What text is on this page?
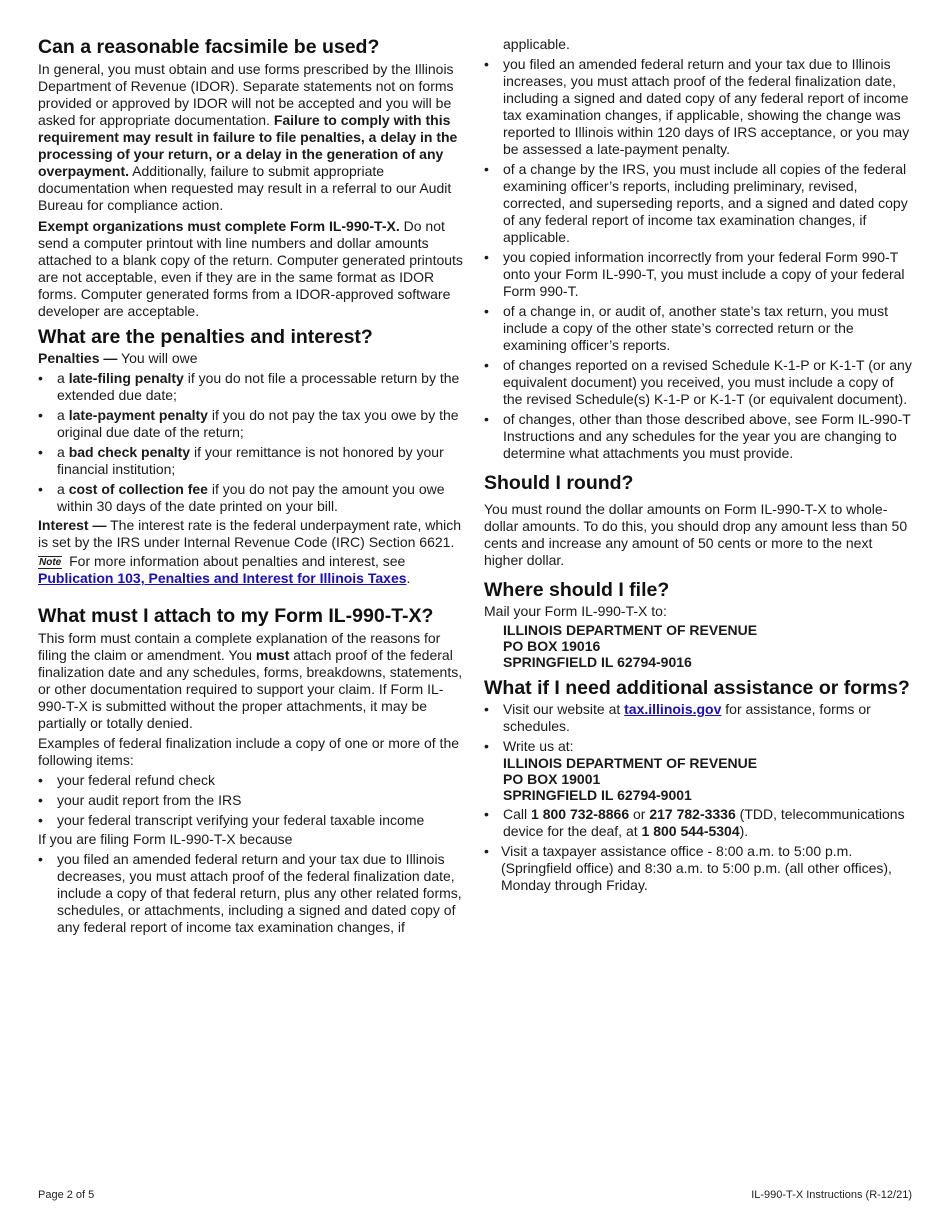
Can a reasonable facsimile be used?

In general, you must obtain and use forms prescribed by the Illinois Department of Revenue (IDOR). Separate statements not on forms provided or approved by IDOR will not be accepted and you will be asked for appropriate documentation. Failure to comply with this requirement may result in failure to file penalties, a delay in the processing of your return, or a delay in the generation of any overpayment. Additionally, failure to submit appropriate documentation when requested may result in a referral to our Audit Bureau for compliance action.

Exempt organizations must complete Form IL-990-T-X. Do not send a computer printout with line numbers and dollar amounts attached to a blank copy of the return. Computer generated printouts are not acceptable, even if they are in the same format as IDOR forms. Computer generated forms from a IDOR-approved software developer are acceptable.

What are the penalties and interest?

Penalties — You will owe

• a late-filing penalty if you do not file a processable return by the extended due date;
• a late-payment penalty if you do not pay the tax you owe by the original due date of the return;
• a bad check penalty if your remittance is not honored by your financial institution;
• a cost of collection fee if you do not pay the amount you owe within 30 days of the date printed on your bill.

Interest — The interest rate is the federal underpayment rate, which is set by the IRS under Internal Revenue Code (IRC) Section 6621.

Note For more information about penalties and interest, see Publication 103, Penalties and Interest for Illinois Taxes.

What must I attach to my Form IL-990-T-X?

This form must contain a complete explanation of the reasons for filing the claim or amendment. You must attach proof of the federal finalization date and any schedules, forms, breakdowns, statements, or other documentation required to support your claim. If Form IL-990-T-X is submitted without the proper attachments, it may be partially or totally denied.

Examples of federal finalization include a copy of one or more of the following items:

• your federal refund check
• your audit report from the IRS
• your federal transcript verifying your federal taxable income

If you are filing Form IL-990-T-X because

• you filed an amended federal return and your tax due to Illinois decreases, you must attach proof of the federal finalization date, include a copy of that federal return, plus any other related forms, schedules, or attachments, including a signed and dated copy of any federal report of income tax examination changes, if

applicable.

• you filed an amended federal return and your tax due to Illinois increases, you must attach proof of the federal finalization date, including a signed and dated copy of any federal report of income tax examination changes, if applicable, showing the change was reported to Illinois within 120 days of IRS acceptance, or you may be assessed a late-payment penalty.
• of a change by the IRS, you must include all copies of the federal examining officer’s reports, including preliminary, revised, corrected, and superseding reports, and a signed and dated copy of any federal report of income tax examination changes, if applicable.
• you copied information incorrectly from your federal Form 990-T onto your Form IL-990-T, you must include a copy of your federal Form 990-T.
• of a change in, or audit of, another state’s tax return, you must include a copy of the other state’s corrected return or the examining officer’s reports.
• of changes reported on a revised Schedule K-1-P or K-1-T (or any equivalent document) you received, you must include a copy of the revised Schedule(s) K-1-P or K-1-T (or equivalent document).
• of changes, other than those described above, see Form IL-990-T Instructions and any schedules for the year you are changing to determine what attachments you must provide.
Should I round?

You must round the dollar amounts on Form IL-990-T-X to whole-dollar amounts. To do this, you should drop any amount less than 50 cents and increase any amount of 50 cents or more to the next higher dollar.

Where should I file?

Mail your Form IL-990-T-X to:

ILLINOIS DEPARTMENT OF REVENUE
PO BOX 19016
SPRINGFIELD IL 62794-9016
What if I need additional assistance or forms?
• Visit our website at tax.illinois.gov for assistance, forms or schedules.
• Write us at:
ILLINOIS DEPARTMENT OF REVENUE
PO BOX 19001
SPRINGFIELD IL 62794-9001
• Call 1 800 732-8866 or 217 782-3336 (TDD, telecommunications device for the deaf, at 1 800 544-5304).
• Visit a taxpayer assistance office - 8:00 a.m. to 5:00 p.m. (Springfield office) and 8:30 a.m. to 5:00 p.m. (all other offices), Monday through Friday.
Page 2 of 5	IL-990-T-X Instructions (R-12/21)
